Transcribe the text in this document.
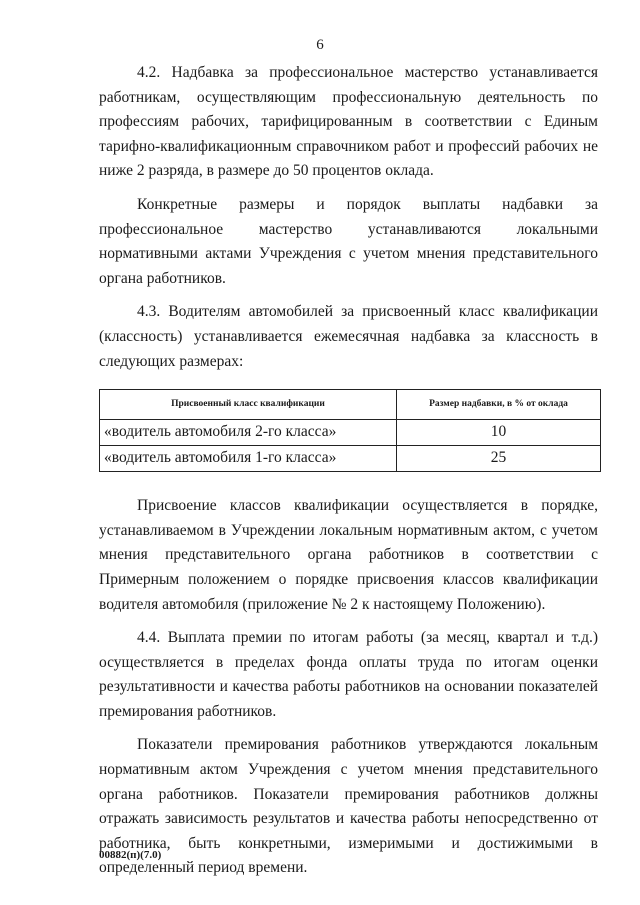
6

4.2. Надбавка за профессиональное мастерство устанавливается работникам, осуществляющим профессиональную деятельность по профессиям рабочих, тарифицированным в соответствии с Единым тарифно-квалификационным справочником работ и профессий рабочих не ниже 2 разряда, в размере до 50 процентов оклада.

Конкретные размеры и порядок выплаты надбавки за профессиональное мастерство устанавливаются локальными нормативными актами Учреждения с учетом мнения представительного органа работников.

4.3. Водителям автомобилей за присвоенный класс квалификации (классность) устанавливается ежемесячная надбавка за классность в следующих размерах:

Присвоенный класс квалификации	Размер надбавки, в % от оклада
«водитель автомобиля 2-го класса»	10
«водитель автомобиля 1-го класса»	25

Присвоение классов квалификации осуществляется в порядке, устанавливаемом в Учреждении локальным нормативным актом, с учетом мнения представительного органа работников в соответствии с Примерным положением о порядке присвоения классов квалификации водителя автомобиля (приложение № 2 к настоящему Положению).

4.4. Выплата премии по итогам работы (за месяц, квартал и т.д.) осуществляется в пределах фонда оплаты труда по итогам оценки результативности и качества работы работников на основании показателей премирования работников.

Показатели премирования работников утверждаются локальным нормативным актом Учреждения с учетом мнения представительного органа работников. Показатели премирования работников должны отражать зависимость результатов и качества работы непосредственно от работника, быть конкретными, измеримыми и достижимыми в определенный период времени.

00882(п)(7.0)
